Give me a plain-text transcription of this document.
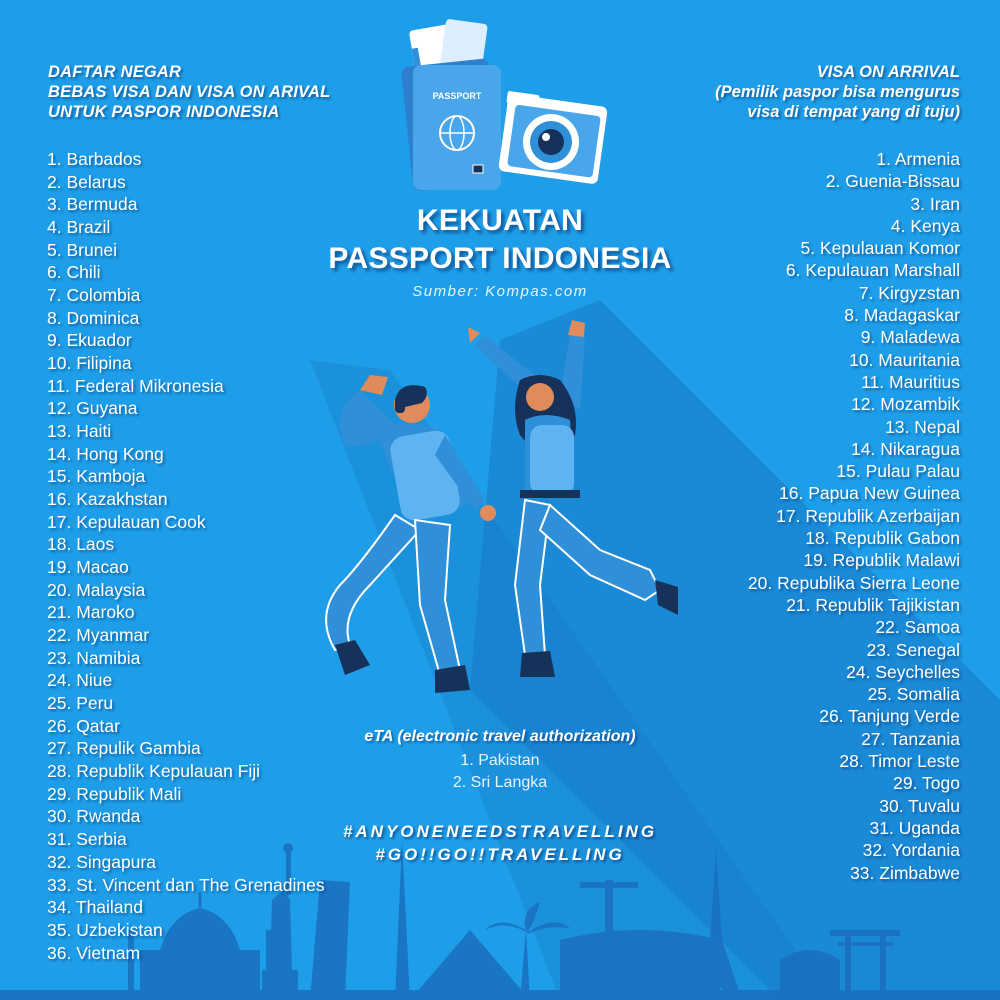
PASSPORT
DAFTAR NEGAR
BEBAS VISA DAN VISA ON ARIVAL
UNTUK PASPOR INDONESIA
1. Barbados
2. Belarus
3. Bermuda
4. Brazil
5. Brunei
6. Chili
7. Colombia
8. Dominica
9. Ekuador
10. Filipina
11. Federal Mikronesia
12. Guyana
13. Haiti
14. Hong Kong
15. Kamboja
16. Kazakhstan
17. Kepulauan Cook
18. Laos
19. Macao
20. Malaysia
21. Maroko
22. Myanmar
23. Namibia
24. Niue
25. Peru
26. Qatar
27. Repulik Gambia
28. Republik Kepulauan Fiji
29. Republik Mali
30. Rwanda
31. Serbia
32. Singapura
33. St. Vincent dan The Grenadines
34. Thailand
35. Uzbekistan
36. Vietnam
VISA ON ARRIVAL
(Pemilik paspor bisa mengurus
visa di tempat yang di tuju)
1. Armenia
2. Guenia-Bissau
3. Iran
4. Kenya
5. Kepulauan Komor
6. Kepulauan Marshall
7. Kirgyzstan
8. Madagaskar
9. Maladewa
10. Mauritania
11. Mauritius
12. Mozambik
13. Nepal
14. Nikaragua
15. Pulau Palau
16. Papua New Guinea
17. Republik Azerbaijan
18. Republik Gabon
19. Republik Malawi
20. Republika Sierra Leone
21. Republik Tajikistan
22. Samoa
23. Senegal
24. Seychelles
25. Somalia
26. Tanjung Verde
27. Tanzania
28. Timor Leste
29. Togo
30. Tuvalu
31. Uganda
32. Yordania
33. Zimbabwe
KEKUATAN
PASSPORT INDONESIA
Sumber: Kompas.com
eTA (electronic travel authorization)
1. Pakistan
2. Sri Langka
#ANYONENEEDSTRAVELLING
#GO!!GO!!TRAVELLING
